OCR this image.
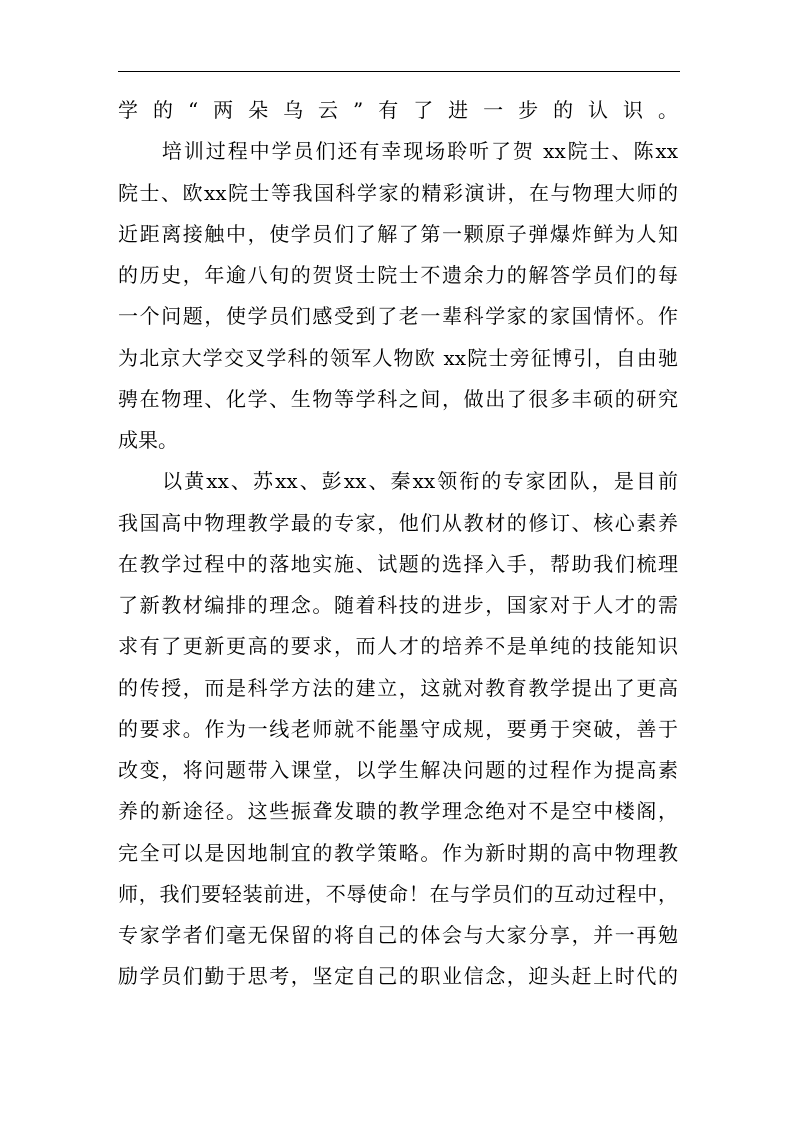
学的“两朵乌云”有了进一步的认识。
　　培训过程中学员们还有幸现场聆听了贺 xx院士、陈xx
院士、欧xx院士等我国科学家的精彩演讲，在与物理大师的
近距离接触中，使学员们了解了第一颗原子弹爆炸鲜为人知
的历史，年逾八旬的贺贤士院士不遗余力的解答学员们的每
一个问题，使学员们感受到了老一辈科学家的家国情怀。作
为北京大学交叉学科的领军人物欧 xx院士旁征博引，自由驰
骋在物理、化学、生物等学科之间，做出了很多丰硕的研究
成果。
　　以黄xx、苏xx、彭xx、秦xx领衔的专家团队，是目前
我国高中物理教学最的专家，他们从教材的修订、核心素养
在教学过程中的落地实施、试题的选择入手，帮助我们梳理
了新教材编排的理念。随着科技的进步，国家对于人才的需
求有了更新更高的要求，而人才的培养不是单纯的技能知识
的传授，而是科学方法的建立，这就对教育教学提出了更高
的要求。作为一线老师就不能墨守成规，要勇于突破，善于
改变，将问题带入课堂，以学生解决问题的过程作为提高素
养的新途径。这些振聋发聩的教学理念绝对不是空中楼阁，
完全可以是因地制宜的教学策略。作为新时期的高中物理教
师，我们要轻装前进，不辱使命！在与学员们的互动过程中，
专家学者们毫无保留的将自己的体会与大家分享，并一再勉
励学员们勤于思考，坚定自己的职业信念，迎头赶上时代的
